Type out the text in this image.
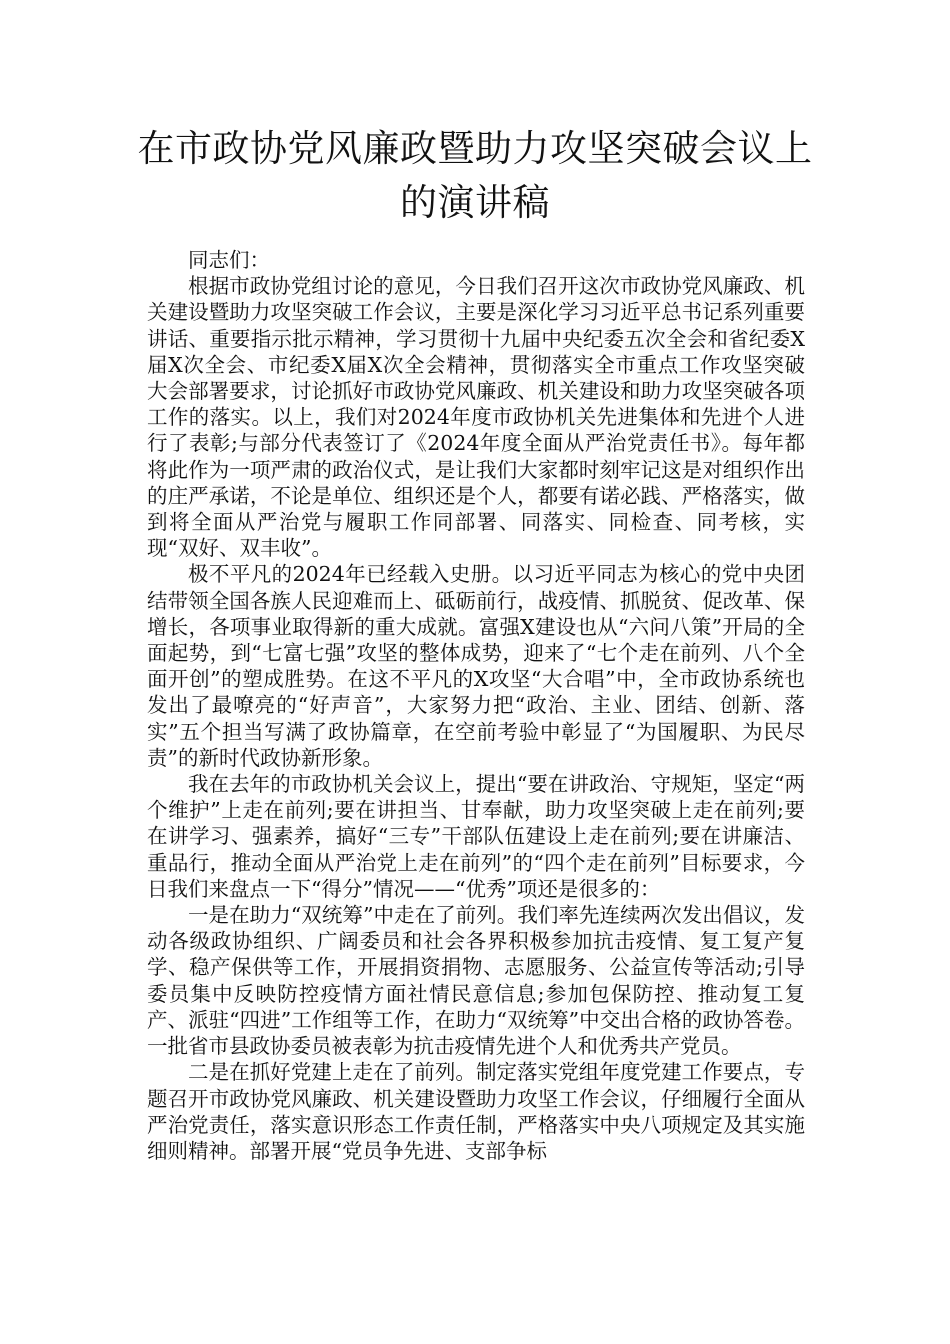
在市政协党风廉政暨助力攻坚突破会议上
的演讲稿

同志们：

根据市政协党组讨论的意见，今日我们召开这次市政协党风廉政、机关建设暨助力攻坚突破工作会议，主要是深化学习习近平总书记系列重要讲话、重要指示批示精神，学习贯彻十九届中央纪委五次全会和省纪委X届X次全会、市纪委X届X次全会精神，贯彻落实全市重点工作攻坚突破大会部署要求，讨论抓好市政协党风廉政、机关建设和助力攻坚突破各项工作的落实。以上，我们对2024年度市政协机关先进集体和先进个人进行了表彰;与部分代表签订了《2024年度全面从严治党责任书》。每年都将此作为一项严肃的政治仪式，是让我们大家都时刻牢记这是对组织作出的庄严承诺，不论是单位、组织还是个人，都要有诺必践、严格落实，做到将全面从严治党与履职工作同部署、同落实、同检查、同考核，实现“双好、双丰收”。

极不平凡的2024年已经载入史册。以习近平同志为核心的党中央团结带领全国各族人民迎难而上、砥砺前行，战疫情、抓脱贫、促改革、保增长，各项事业取得新的重大成就。富强X建设也从“六问八策”开局的全面起势，到“七富七强”攻坚的整体成势，迎来了“七个走在前列、八个全面开创”的塑成胜势。在这不平凡的X攻坚“大合唱”中，全市政协系统也发出了最嘹亮的“好声音”，大家努力把“政治、主业、团结、创新、落实”五个担当写满了政协篇章，在空前考验中彰显了“为国履职、为民尽责”的新时代政协新形象。

我在去年的市政协机关会议上，提出“要在讲政治、守规矩，坚定“两个维护”上走在前列;要在讲担当、甘奉献，助力攻坚突破上走在前列;要在讲学习、强素养，搞好“三专”干部队伍建设上走在前列;要在讲廉洁、重品行，推动全面从严治党上走在前列”的“四个走在前列”目标要求，今日我们来盘点一下“得分”情况——“优秀”项还是很多的：

一是在助力“双统筹”中走在了前列。我们率先连续两次发出倡议，发动各级政协组织、广阔委员和社会各界积极参加抗击疫情、复工复产复学、稳产保供等工作，开展捐资捐物、志愿服务、公益宣传等活动;引导委员集中反映防控疫情方面社情民意信息;参加包保防控、推动复工复产、派驻“四进”工作组等工作，在助力“双统筹”中交出合格的政协答卷。一批省市县政协委员被表彰为抗击疫情先进个人和优秀共产党员。

二是在抓好党建上走在了前列。制定落实党组年度党建工作要点，专题召开市政协党风廉政、机关建设暨助力攻坚工作会议，仔细履行全面从严治党责任，落实意识形态工作责任制，严格落实中央八项规定及其实施细则精神。部署开展“党员争先进、支部争标
